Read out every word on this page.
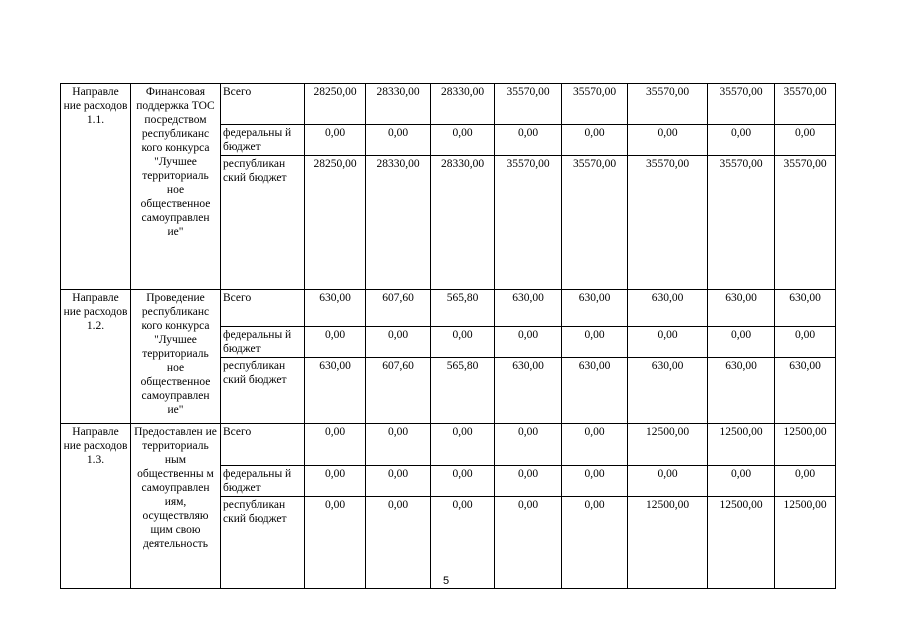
Направле ние расходов 1.1.	Финансовая поддержка ТОС посредством республиканс кого конкурса "Лучшее территориаль ное общественное самоуправлен ие"	Всего	28250,00	28330,00	28330,00	35570,00	35570,00	35570,00	35570,00	35570,00
		федеральны й бюджет	0,00	0,00	0,00	0,00	0,00	0,00	0,00	0,00
		республикан ский бюджет	28250,00	28330,00	28330,00	35570,00	35570,00	35570,00	35570,00	35570,00
Направле ние расходов 1.2.	Проведение республиканс кого конкурса "Лучшее территориаль ное общественное самоуправлен ие"	Всего	630,00	607,60	565,80	630,00	630,00	630,00	630,00	630,00
		федеральны й бюджет	0,00	0,00	0,00	0,00	0,00	0,00	0,00	0,00
		республикан ский бюджет	630,00	607,60	565,80	630,00	630,00	630,00	630,00	630,00
Направле ние расходов 1.3.	Предоставлен ие территориаль ным общественны м самоуправлен иям, осуществляю щим свою деятельность	Всего	0,00	0,00	0,00	0,00	0,00	12500,00	12500,00	12500,00
		федеральны й бюджет	0,00	0,00	0,00	0,00	0,00	0,00	0,00	0,00
		республикан ский бюджет	0,00	0,00	0,00	0,00	0,00	12500,00	12500,00	12500,00
5
